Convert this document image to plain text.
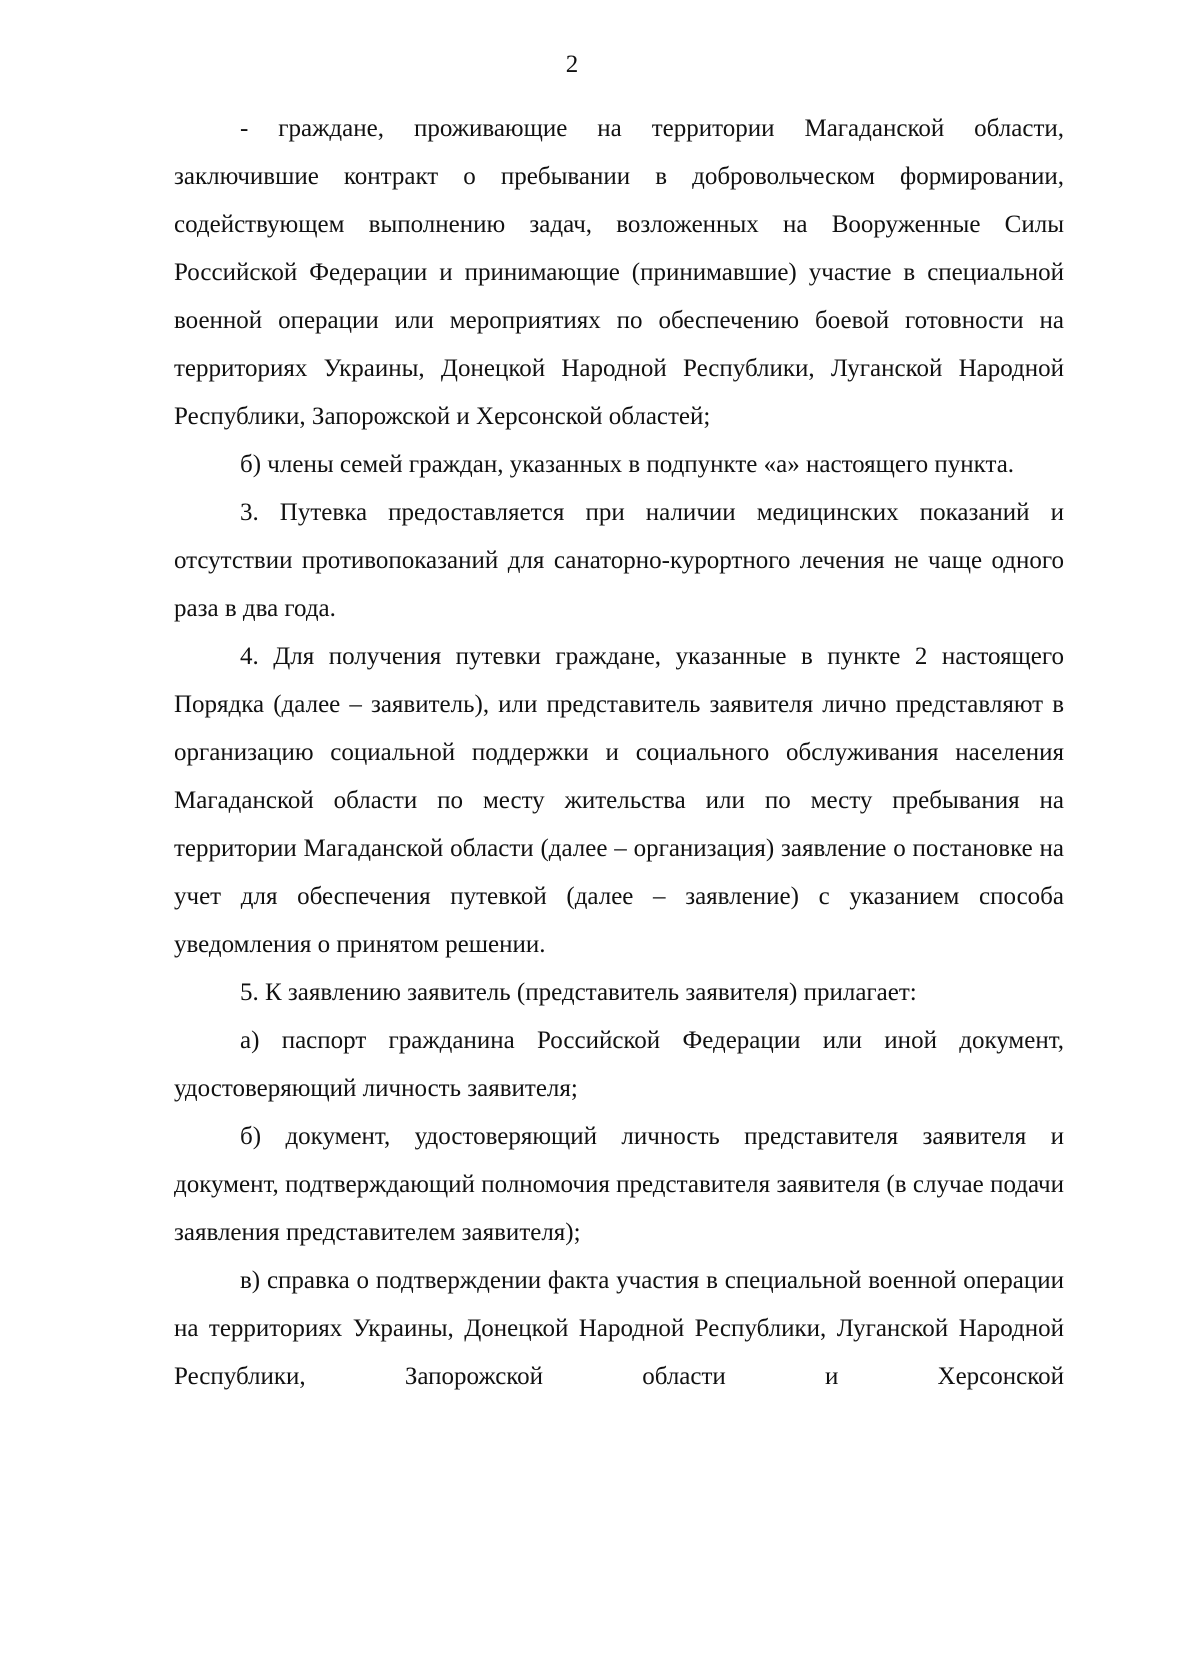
2

- граждане, проживающие на территории Магаданской области, заключившие контракт о пребывании в добровольческом формировании, содействующем выполнению задач, возложенных на Вооруженные Силы Российской Федерации и принимающие (принимавшие) участие в специальной военной операции или мероприятиях по обеспечению боевой готовности на территориях Украины, Донецкой Народной Республики, Луганской Народной Республики, Запорожской и Херсонской областей;

б) члены семей граждан, указанных в подпункте «а» настоящего пункта.

3. Путевка предоставляется при наличии медицинских показаний и отсутствии противопоказаний для санаторно-курортного лечения не чаще одного раза в два года.

4. Для получения путевки граждане, указанные в пункте 2 настоящего Порядка (далее – заявитель), или представитель заявителя лично представляют в организацию социальной поддержки и социального обслуживания населения Магаданской области по месту жительства или по месту пребывания на территории Магаданской области (далее – организация) заявление о постановке на учет для обеспечения путевкой (далее – заявление) с указанием способа уведомления о принятом решении.

5. К заявлению заявитель (представитель заявителя) прилагает:

а) паспорт гражданина Российской Федерации или иной документ, удостоверяющий личность заявителя;

б) документ, удостоверяющий личность представителя заявителя и документ, подтверждающий полномочия представителя заявителя (в случае подачи заявления представителем заявителя);

в) справка о подтверждении факта участия в специальной военной операции на территориях Украины, Донецкой Народной Республики, Луганской Народной Республики, Запорожской области и Херсонской
